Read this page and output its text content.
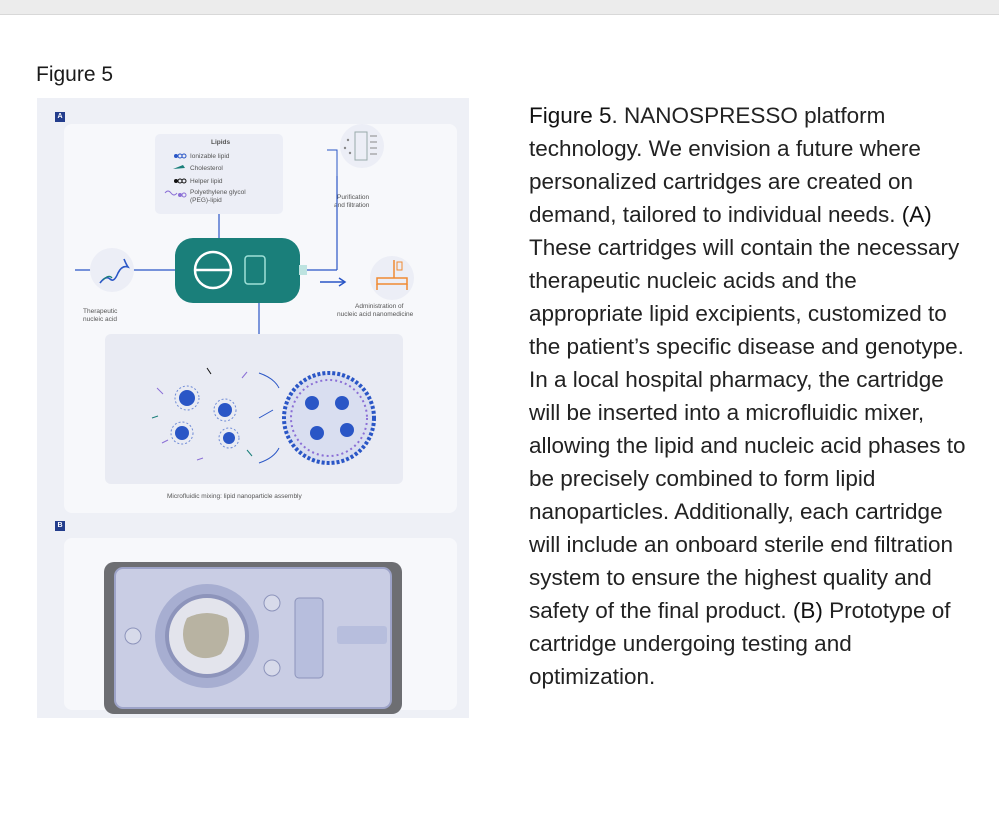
Figure 5
Lipids
Ionizable lipid
Cholesterol
Helper lipid
Polyethylene glycol
(PEG)-lipid	Purification
and filtration
Administration of
nucleic acid nanomedicine
Therapeutic
nucleic acid
Microfluidic mixing: lipid nanoparticle assembly
A
B
Figure 5. NANOSPRESSO platform technology. We envision a future where personalized cartridges are created on demand, tailored to individual needs. (A) These cartridges will contain the necessary therapeutic nucleic acids and the appropriate lipid excipients, customized to the patient’s specific disease and genotype. In a local hospital pharmacy, the cartridge will be inserted into a microfluidic mixer, allowing the lipid and nucleic acid phases to be precisely combined to form lipid nanoparticles. Additionally, each cartridge will include an onboard sterile end filtration system to ensure the highest quality and safety of the final product. (B) Prototype of cartridge undergoing testing and optimization.
